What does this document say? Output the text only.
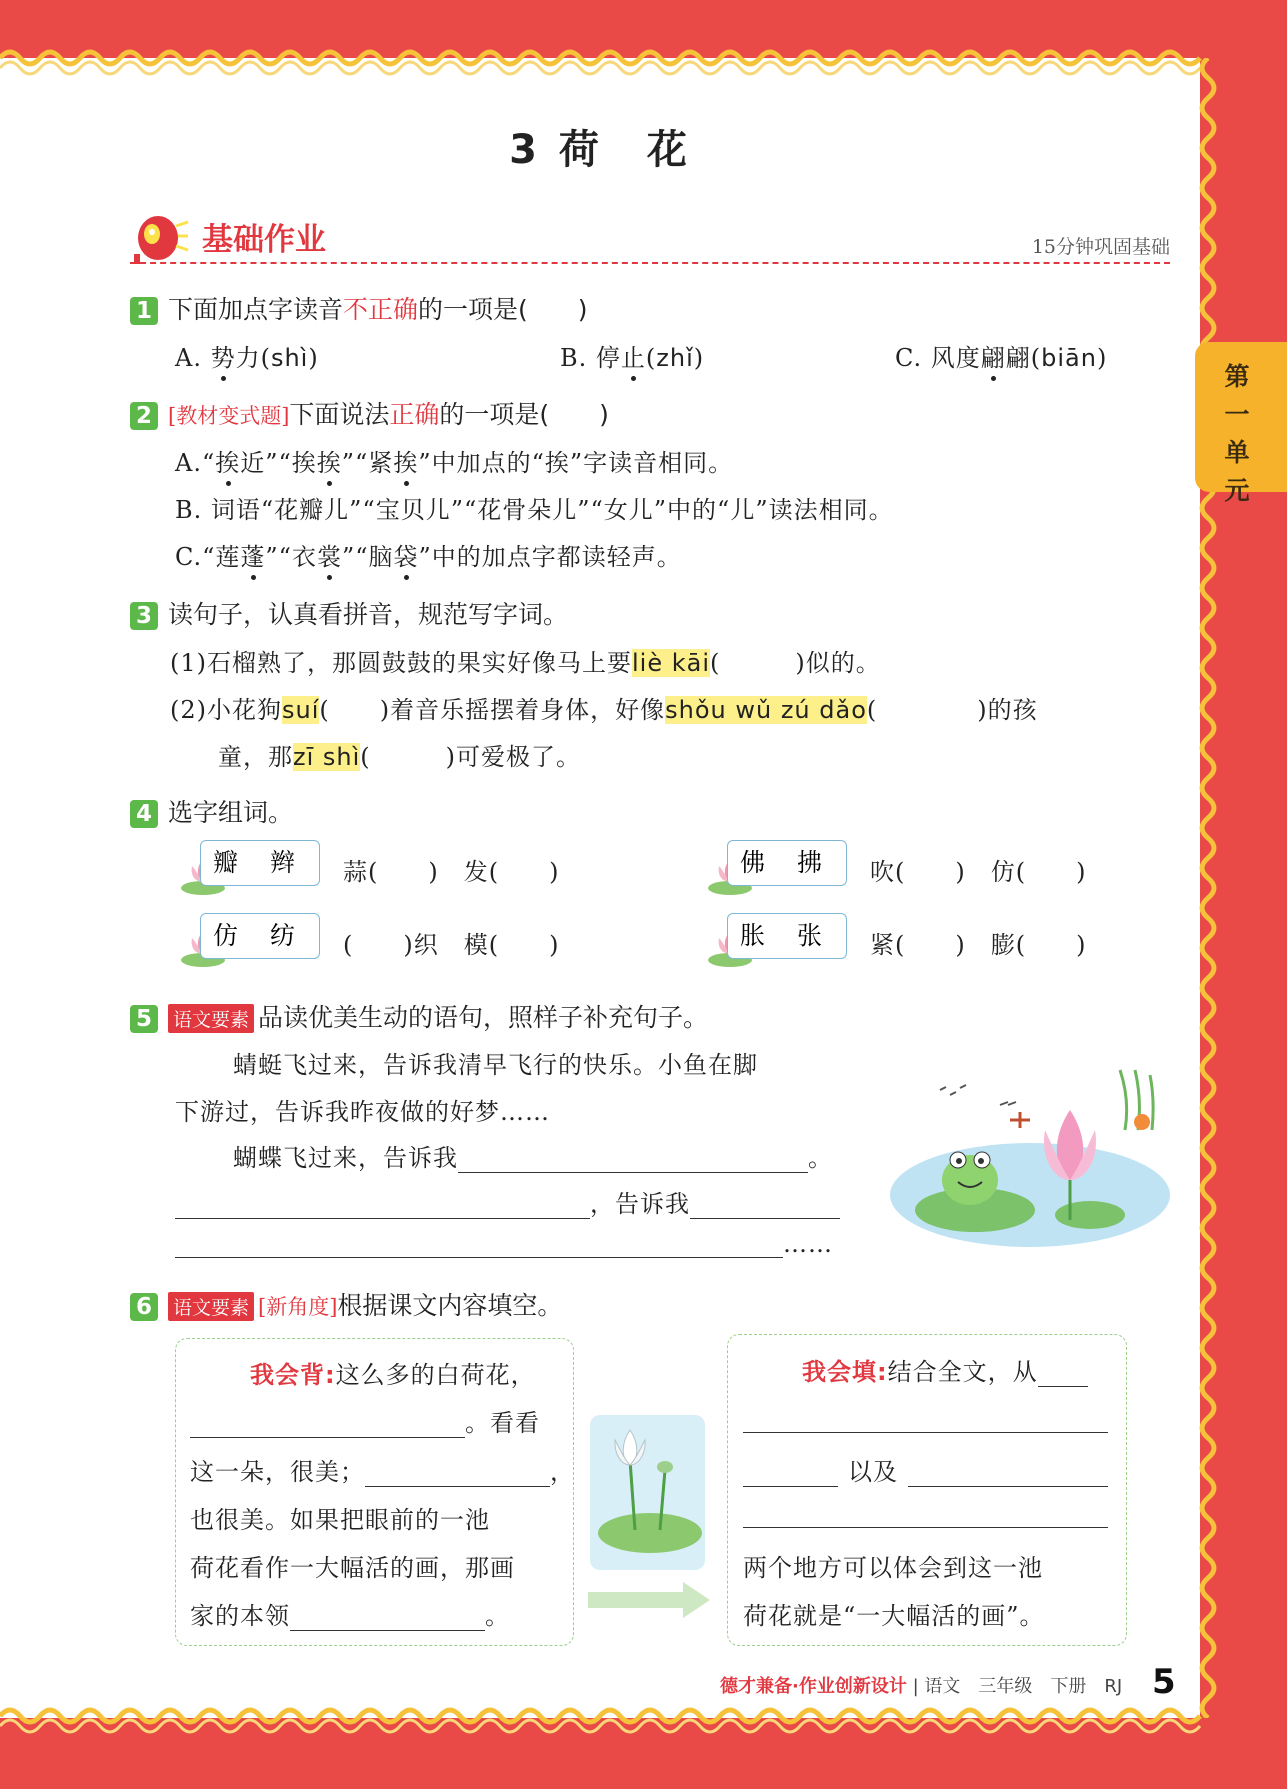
3 荷　花
第一单元
基础作业	15分钟巩固基础
1 下面加点字读音不正确的一项是(　　)
A. 势力(shì)	B. 停止(zhǐ)	C. 风度翩翩(biān)
2 [教材变式题]下面说法正确的一项是(　　)
A.“挨近”“挨挨”“紧挨”中加点的“挨”字读音相同。
B. 词语“花瓣儿”“宝贝儿”“花骨朵儿”“女儿”中的“儿”读法相同。
C.“莲蓬”“衣裳”“脑袋”中的加点字都读轻声。
3 读句子，认真看拼音，规范写字词。
(1)石榴熟了，那圆鼓鼓的果实好像马上要liè kāi(　　　)似的。
(2)小花狗suí(　　)着音乐摇摆着身体，好像shǒu wǔ zú dǎo(　　　　)的孩
童，那zī shì(　　　)可爱极了。
4 选字组词。
瓣 辫	蒜(　　)　发(　　)	佛 拂	吹(　　)　仿(　　)
仿 纺	(　　)织　模(　　)	胀 张	紧(　　)　膨(　　)
5 语文要素 品读优美生动的语句，照样子补充句子。
蜻蜓飞过来，告诉我清早飞行的快乐。小鱼在脚
下游过，告诉我昨夜做的好梦……
蝴蝶飞过来，告诉我	。
，告诉我
……
6 语文要素 [新角度]根据课文内容填空。
我会背:这么多的白荷花，
。看看
这一朵，很美；	，
也很美。如果把眼前的一池
荷花看作一大幅活的画，那画
家的本领	。
我会填:结合全文，从
以及
两个地方可以体会到这一池
荷花就是“一大幅活的画”。
德才兼备·作业创新设计 | 语文　三年级　下册　RJ 5
